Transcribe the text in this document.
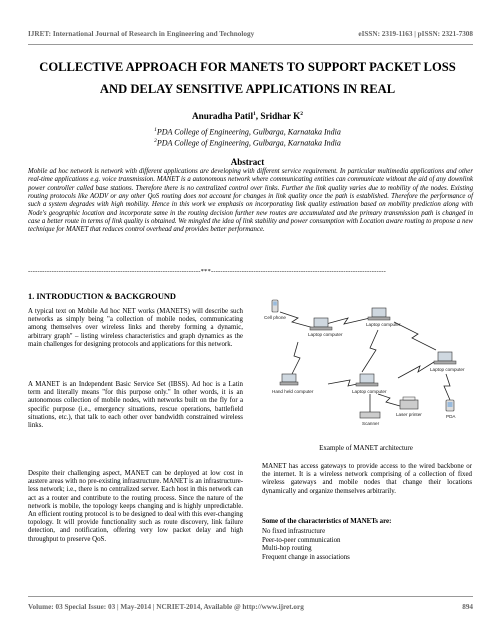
IJRET: International Journal of Research in Engineering and Technology	eISSN: 2319-1163 | pISSN: 2321-7308
COLLECTIVE APPROACH FOR MANETS TO SUPPORT PACKET LOSS
AND DELAY SENSITIVE APPLICATIONS IN REAL
Anuradha Patil$^1$, Sridhar $K^2$
$^1$PDA College of Engineering, Gulbarga, Karnataka India
$^2$PDA College of Engineering, Gulbarga, Karnataka India
Abstract
Mobile ad hoc network is network with different applications are developing with different service requirement. In particular multimedia applications and other real-time applications e.g. voice transmission. MANET is a autonomous network where communicating entities can communicate without the aid of any downlink power controller called base stations. Therefore there is no centralized control over links. Further the link quality varies due to mobility of the nodes. Existing routing protocols like AODV or any other QoS routing does not account for changes in link quality once the path is established. Therefore the performance of such a system degrades with high mobility. Hence in this work we emphasis on incorporating link quality estimation based on mobility prediction along with Node's geographic location and incorporate same in the routing decision further new routes are accumulated and the primary transmission path is changed in case a better route in terms of link quality is obtained. We mingled the idea of link stability and power consumption with Location aware routing to propose a new technique for MANET that reduces control overhead and provides better performance.
-------------------------------------------------------------------------***--------------------------------------------------------------------------
1. INTRODUCTION & BACKGROUND
A typical text on Mobile Ad hoc NET works (MANETS) will describe such networks as simply being "a collection of mobile nodes, communicating among themselves over wireless links and thereby forming a dynamic, arbitrary graph" – listing wireless characteristics and graph dynamics as the main challenges for designing protocols and applications for this network.
A MANET is an Independent Basic Service Set (IBSS). Ad hoc is a Latin term and literally means "for this purpose only." In other words, it is an autonomous collection of mobile nodes, with networks built on the fly for a specific purpose (i.e., emergency situations, rescue operations, battlefield situations, etc.), that talk to each other over bandwidth constrained wireless links.
Despite their challenging aspect, MANET can be deployed at low cost in austere areas with no pre-existing infrastructure. MANET is an infrastructure-less network; i.e., there is no centralized server. Each host in this network can act as a router and contribute to the routing process. Since the nature of the network is mobile, the topology keeps changing and is highly unpredictable. An efficient routing protocol is to be designed to deal with this ever-changing topology. It will provide functionality such as route discovery, link failure detection, and notification, offering very low packet delay and high throughput to preserve QoS.
Cell phone
Laptop computer
Laptop computer
Laptop computer
Hand held computer	Laptop computer
Laser printer	PDA
Scanner
Example of MANET architecture
MANET has access gateways to provide access to the wired backbone or the internet. It is a wireless network comprising of a collection of fixed wireless gateways and mobile nodes that change their locations dynamically and organize themselves arbitrarily.
Some of the characteristics of MANETs are:
No fixed infrastructure
Peer-to-peer communication
Multi-hop routing
Frequent change in associations
Volume: 03 Special Issue: 03 | May-2014 | NCRIET-2014, Available @ http://www.ijret.org	894
